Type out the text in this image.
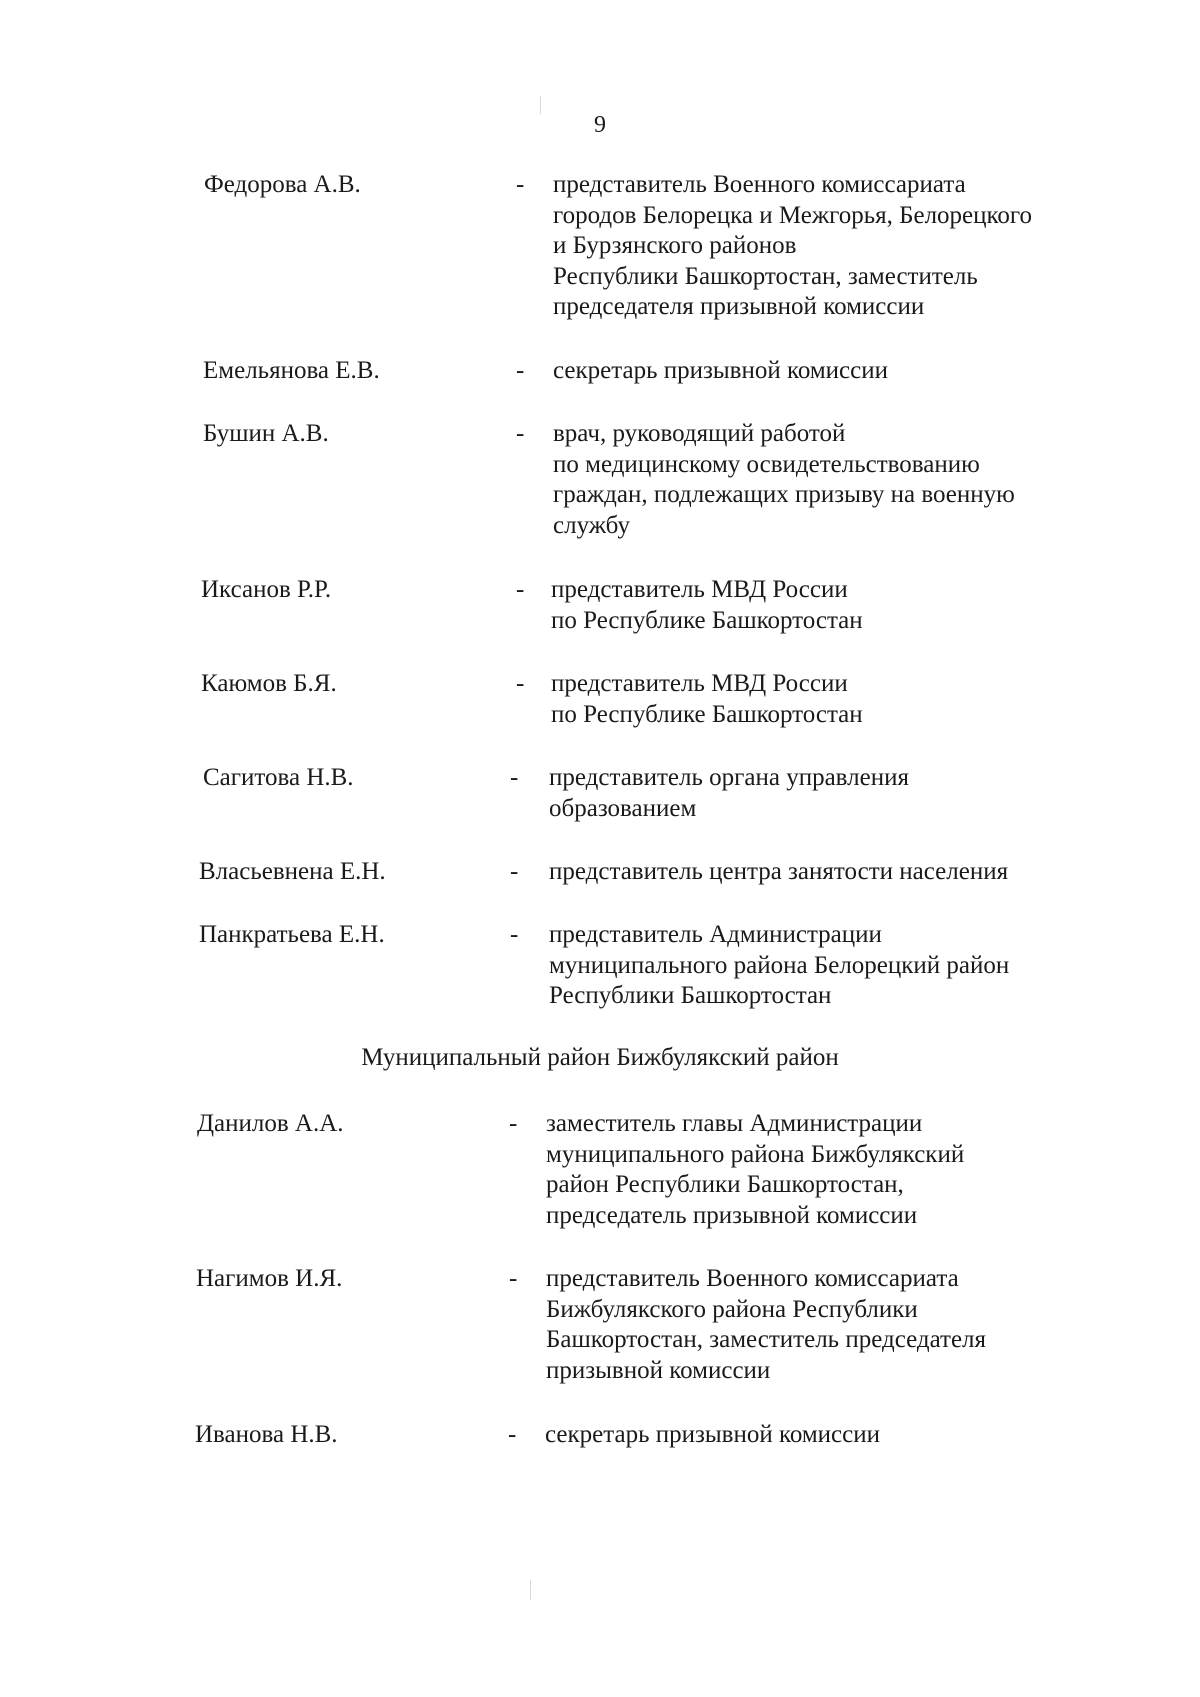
9
Федорова А.В.	- представитель Военного комиссариата
городов Белорецка и Межгорья, Белорецкого
и Бурзянского районов
Республики Башкортостан, заместитель
председателя призывной комиссии
Емельянова Е.В.	- секретарь призывной комиссии
Бушин А.В.	- врач, руководящий работой
по медицинскому освидетельствованию
граждан, подлежащих призыву на военную
службу
Иксанов Р.Р.	- представитель МВД России
по Республике Башкортостан
Каюмов Б.Я.	- представитель МВД России
по Республике Башкортостан
Сагитова Н.В.	- представитель органа управления
образованием
Власьевнена Е.Н.	- представитель центра занятости населения
Панкратьева Е.Н.	- представитель Администрации
муниципального района Белорецкий район
Республики Башкортостан
Данилов А.А.	- заместитель главы Администрации
муниципального района Бижбулякский
район Республики Башкортостан,
председатель призывной комиссии
Нагимов И.Я.	- представитель Военного комиссариата
Бижбулякского района Республики
Башкортостан, заместитель председателя
призывной комиссии
Иванова Н.В.	- секретарь призывной комиссии
Муниципальный район Бижбулякский район
